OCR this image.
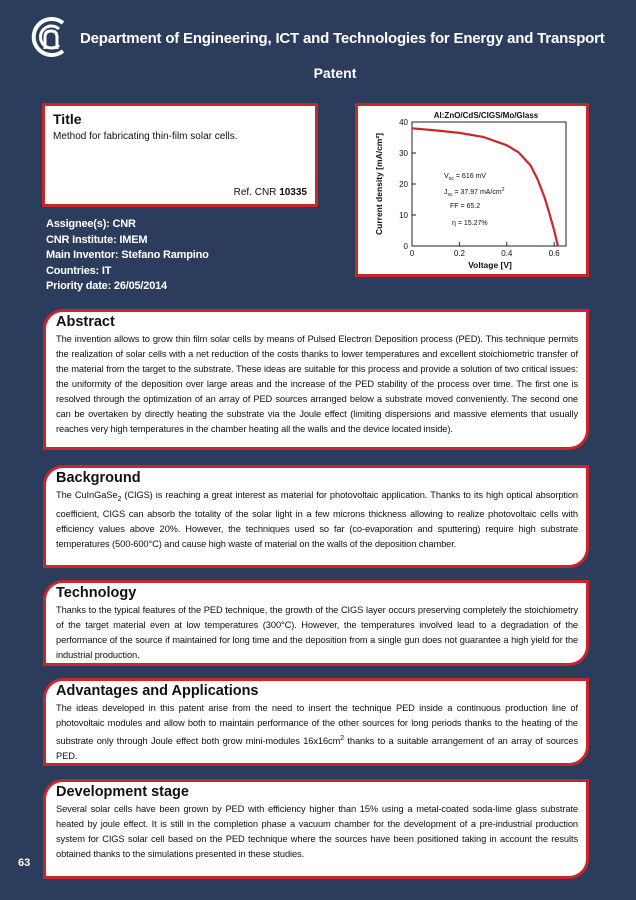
Department of Engineering, ICT and Technologies for Energy and Transport
Patent
Title
Method for fabricating thin-film solar cells.
Ref. CNR 10335
Assignee(s): CNR
CNR Institute: IMEM
Main Inventor: Stefano Rampino
Countries: IT
Priority date: 26/05/2014
Al:ZnO/CdS/CIGS/Mo/Glass
Current density [mA/cm²]
Voltage [V]
0
10
20
30
40
0	0.2	0.4	0.6
$V_{oc} = 616$ mV
$J_{sc} = 37.97$ $mA/cm^2$
FF = 65.2
η = 15.27%
Abstract

The invention allows to grow thin film solar cells by means of Pulsed Electron Deposition process (PED). This technique permits the realization of solar cells with a net reduction of the costs thanks to lower temperatures and excellent stoichiometric transfer of the material from the target to the substrate. These ideas are suitable for this process and provide a solution of two critical issues: the uniformity of the deposition over large areas and the increase of the PED stability of the process over time. The first one is resolved through the optimization of an array of PED sources arranged below a substrate moved conveniently. The second one can be overtaken by directly heating the substrate via the Joule effect (limiting dispersions and massive elements that usually reaches very high temperatures in the chamber heating all the walls and the device located inside).

Background

The CuInGaSe$_2$ (CIGS) is reaching a great interest as material for photovoltaic application. Thanks to its high optical absorption coefficient, CIGS can absorb the totality of the solar light in a few microns thickness allowing to realize photovoltaic cells with efficiency values above 20%. However, the techniques used so far (co-evaporation and sputtering) require high substrate temperatures (500-600°C) and cause high waste of material on the walls of the deposition chamber.

Technology

Thanks to the typical features of the PED technique, the growth of the CIGS layer occurs preserving completely the stoichiometry of the target material even at low temperatures (300°C). However, the temperatures involved lead to a degradation of the performance of the source if maintained for long time and the deposition from a single gun does not guarantee a high yield for the industrial production.

Advantages and Applications

The ideas developed in this patent arise from the need to insert the technique PED inside a continuous production line of photovoltaic modules and allow both to maintain performance of the other sources for long periods thanks to the heating of the substrate only through Joule effect both grow mini-modules $16x16cm^2$ thanks to a suitable arrangement of an array of sources PED.

Development stage

Several solar cells have been grown by PED with efficiency higher than 15% using a metal-coated soda-lime glass substrate heated by joule effect. It is still in the completion phase a vacuum chamber for the development of a pre-industrial production system for CIGS solar cell based on the PED technique where the sources have been positioned taking in account the results obtained thanks to the simulations presented in these studies.

63
